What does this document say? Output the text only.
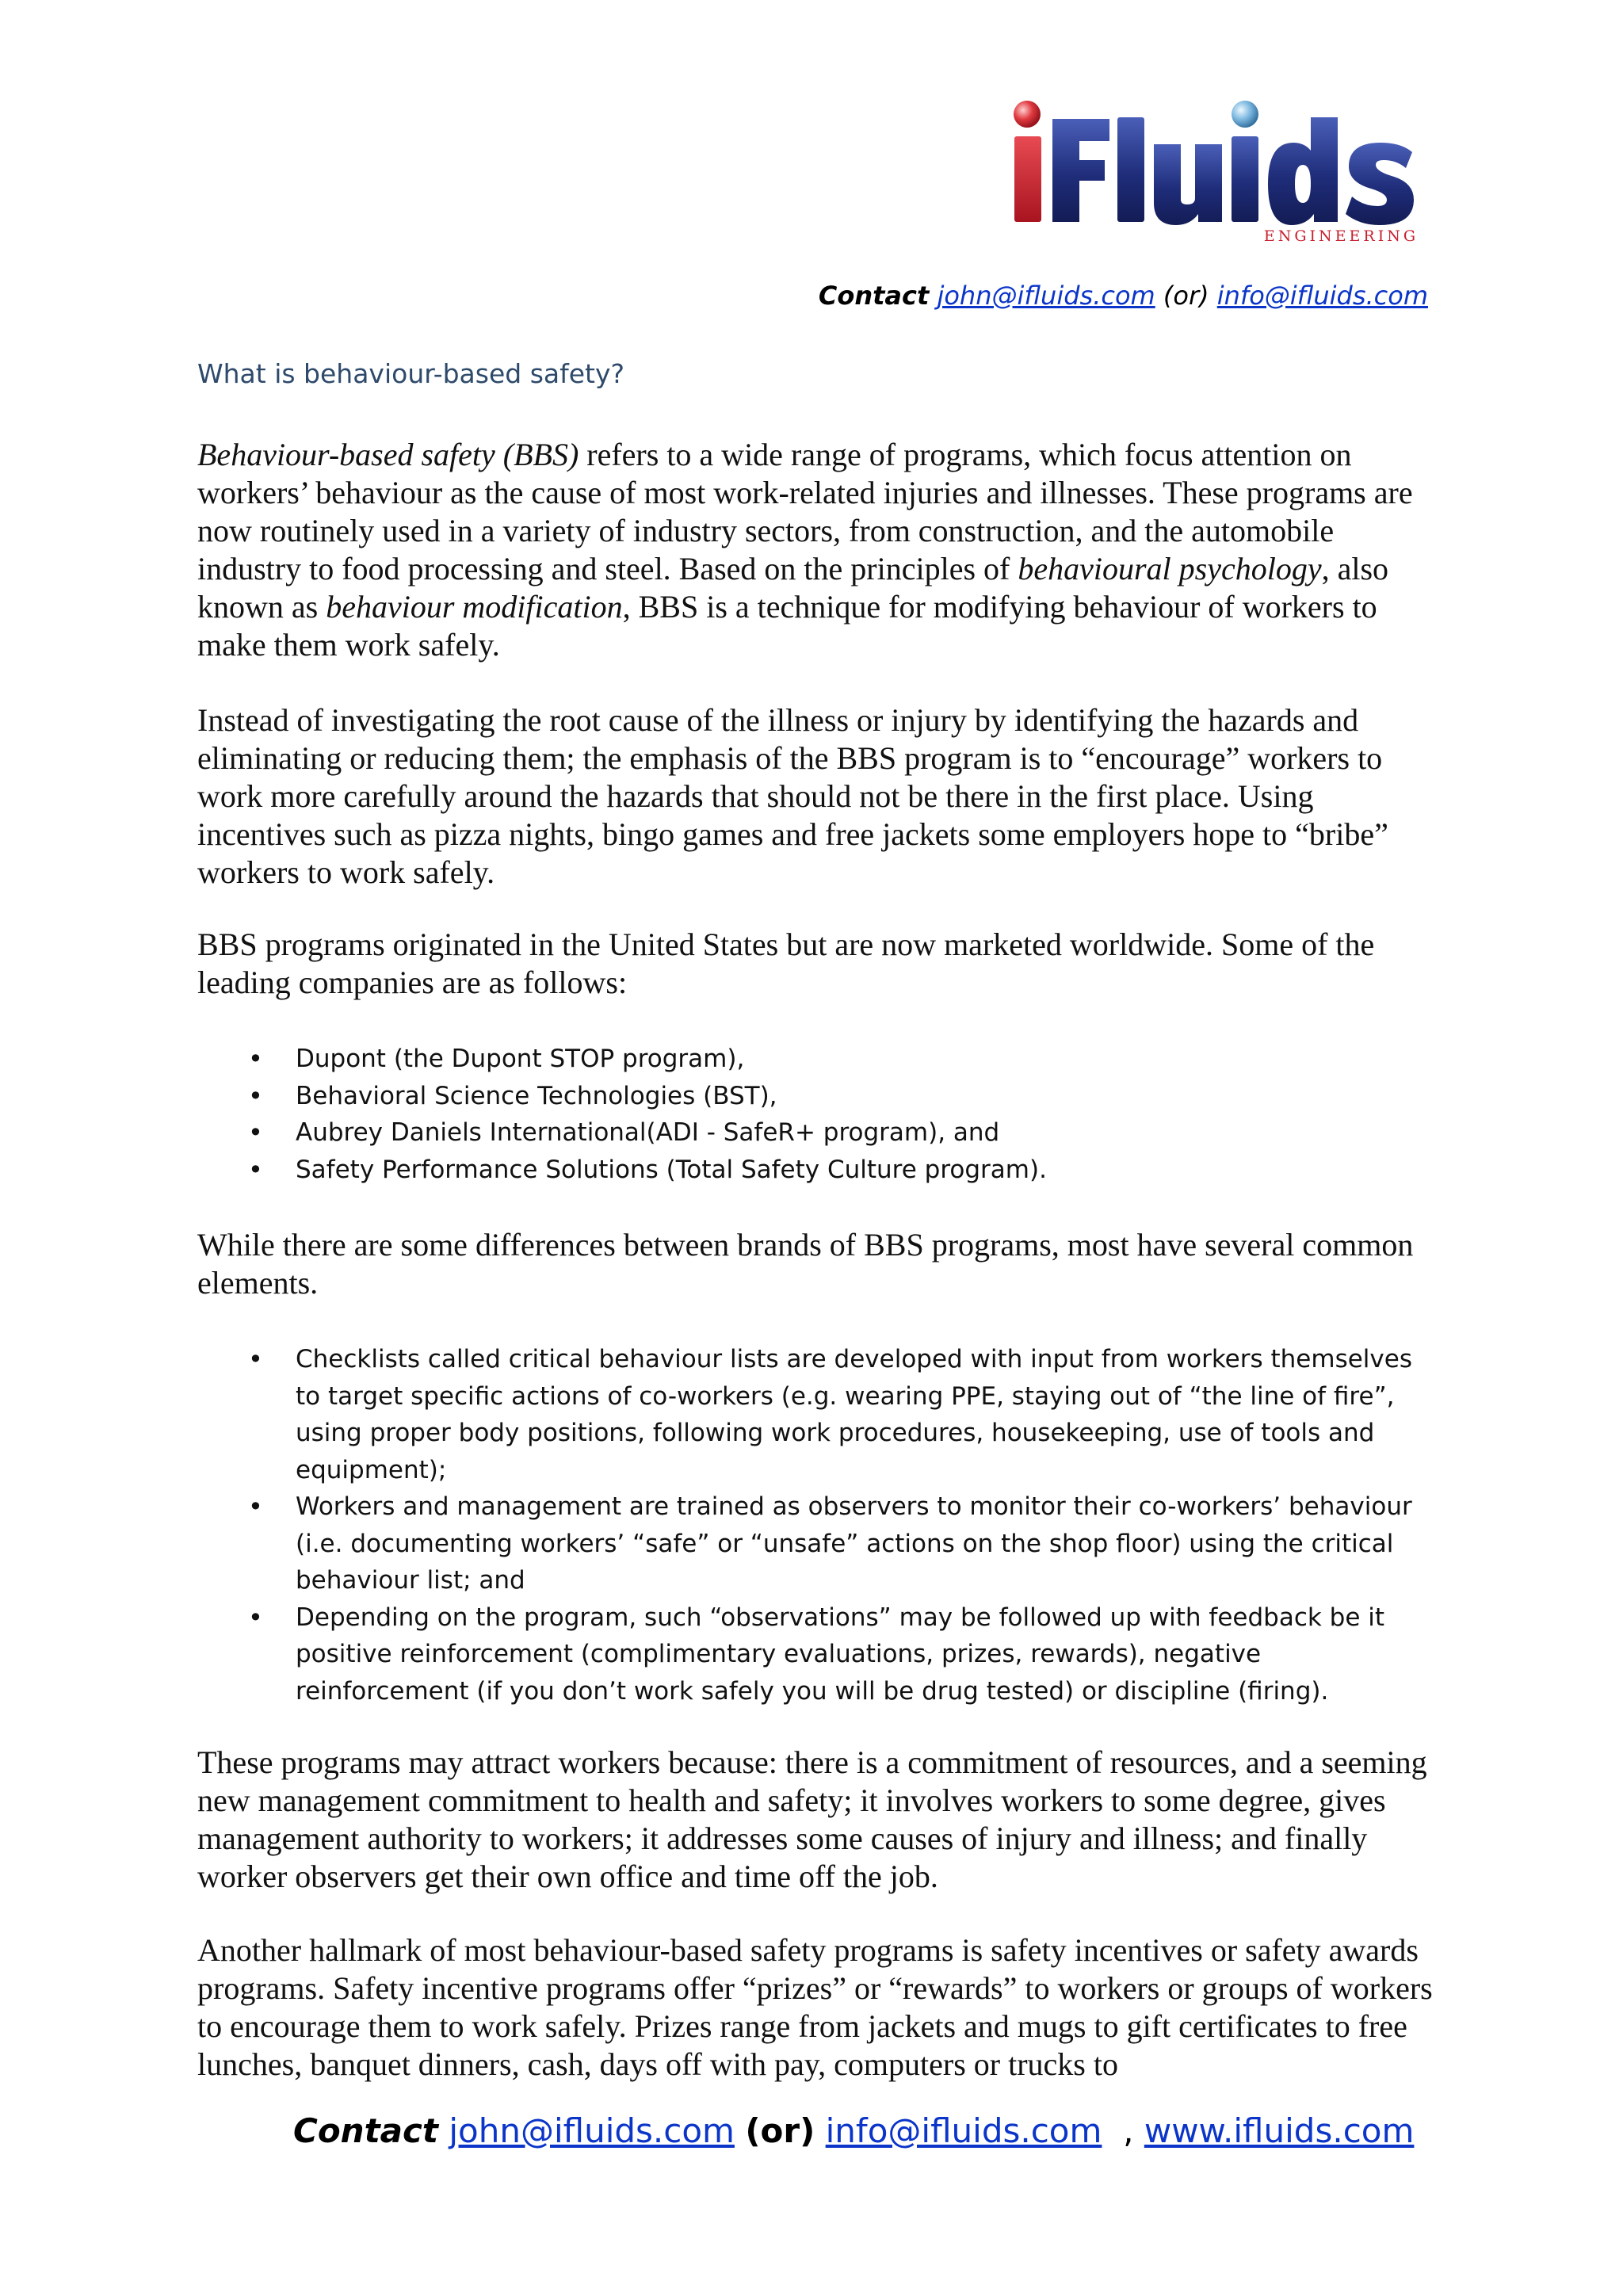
ENGINEERING
Contact john@ifluids.com (or) info@ifluids.com
What is behaviour-based safety?

Behaviour-based safety (BBS) refers to a wide range of programs, which focus attention on workers’ behaviour as the cause of most work-related injuries and illnesses. These programs are now routinely used in a variety of industry sectors, from construction, and the automobile industry to food processing and steel. Based on the principles of behavioural psychology, also known as behaviour modification, BBS is a technique for modifying behaviour of workers to make them work safely.

Instead of investigating the root cause of the illness or injury by identifying the hazards and eliminating or reducing them; the emphasis of the BBS program is to “encourage” workers to work more carefully around the hazards that should not be there in the first place. Using incentives such as pizza nights, bingo games and free jackets some employers hope to “bribe” workers to work safely.

BBS programs originated in the United States but are now marketed worldwide. Some of the leading companies are as follows:

• Dupont (the Dupont STOP program),
• Behavioral Science Technologies (BST),
• Aubrey Daniels International(ADI - SafeR+ program), and
• Safety Performance Solutions (Total Safety Culture program).

While there are some differences between brands of BBS programs, most have several common elements.

• Checklists called critical behaviour lists are developed with input from workers themselves to target specific actions of co-workers (e.g. wearing PPE, staying out of “the line of fire”, using proper body positions, following work procedures, housekeeping, use of tools and equipment);
• Workers and management are trained as observers to monitor their co-workers’ behaviour (i.e. documenting workers’ “safe” or “unsafe” actions on the shop floor) using the critical behaviour list; and
• Depending on the program, such “observations” may be followed up with feedback be it positive reinforcement (complimentary evaluations, prizes, rewards), negative reinforcement (if you don’t work safely you will be drug tested) or discipline (firing).

These programs may attract workers because: there is a commitment of resources, and a seeming new management commitment to health and safety; it involves workers to some degree, gives management authority to workers; it addresses some causes of injury and illness; and finally worker observers get their own office and time off the job.

Another hallmark of most behaviour-based safety programs is safety incentives or safety awards programs. Safety incentive programs offer “prizes” or “rewards” to workers or groups of workers to encourage them to work safely. Prizes range from jackets and mugs to gift certificates to free lunches, banquet dinners, cash, days off with pay, computers or trucks to

Contact john@ifluids.com (or) info@ifluids.com , www.ifluids.com
